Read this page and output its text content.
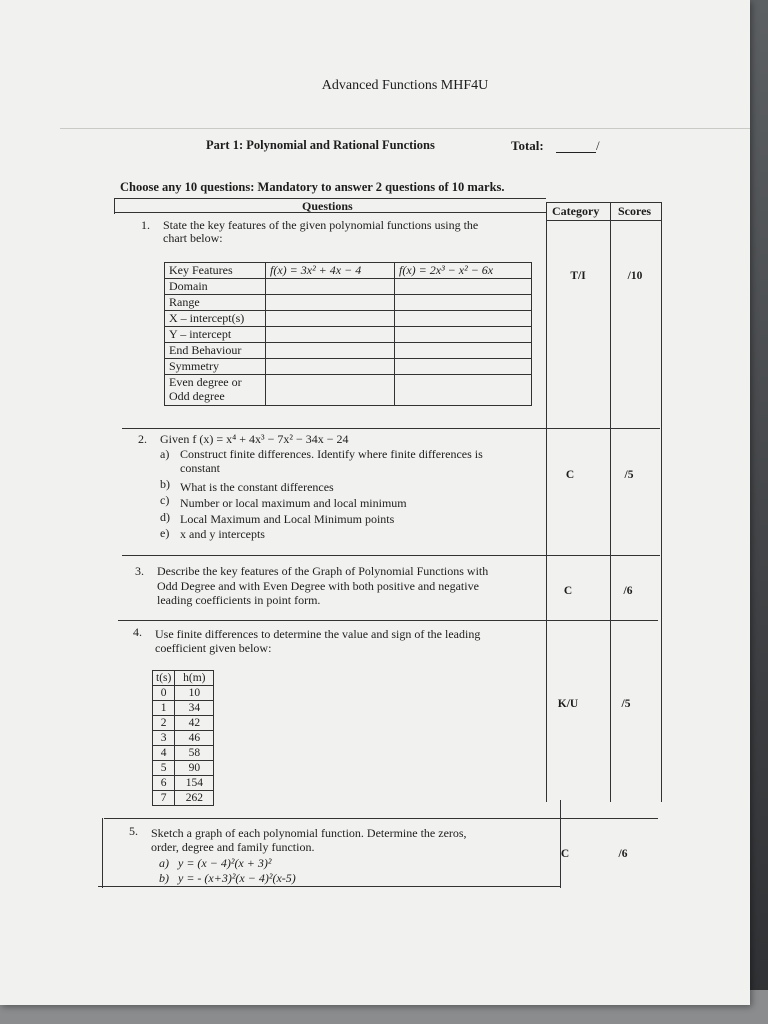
Advanced Functions MHF4U
Part 1: Polynomial and Rational Functions	Total:	/
Choose any 10 questions: Mandatory to answer 2 questions of 10 marks.
Questions	Category Scores
1. State the key features of the given polynomial functions using the
chart below:
Key Features	f(x) = 3x² + 4x − 4	f(x) = 2x³ − x² − 6x
Domain		
Range		
X – intercept(s)		
Y – intercept		
End Behaviour		
Symmetry		
Even degree or Odd degree		
T/I	/10
2. Given f (x) = x⁴ + 4x³ − 7x² − 34x − 24
a) Construct finite differences. Identify where finite differences is
constant
b) What is the constant differences
c) Number or local maximum and local minimum
d) Local Maximum and Local Minimum points
e) x and y intercepts
C	/5
3. Describe the key features of the Graph of Polynomial Functions with
Odd Degree and with Even Degree with both positive and negative
leading coefficients in point form.
C	/6
4. Use finite differences to determine the value and sign of the leading
coefficient given below:
t(s)	h(m)
0	10
1	34
2	42
3	46
4	58
5	90
6	154
7	262
K/U	/5
5. Sketch a graph of each polynomial function. Determine the zeros,
order, degree and family function.
a) y = (x − 4)²(x + 3)²
b) y = - (x+3)²(x − 4)²(x-5)
C	/6
